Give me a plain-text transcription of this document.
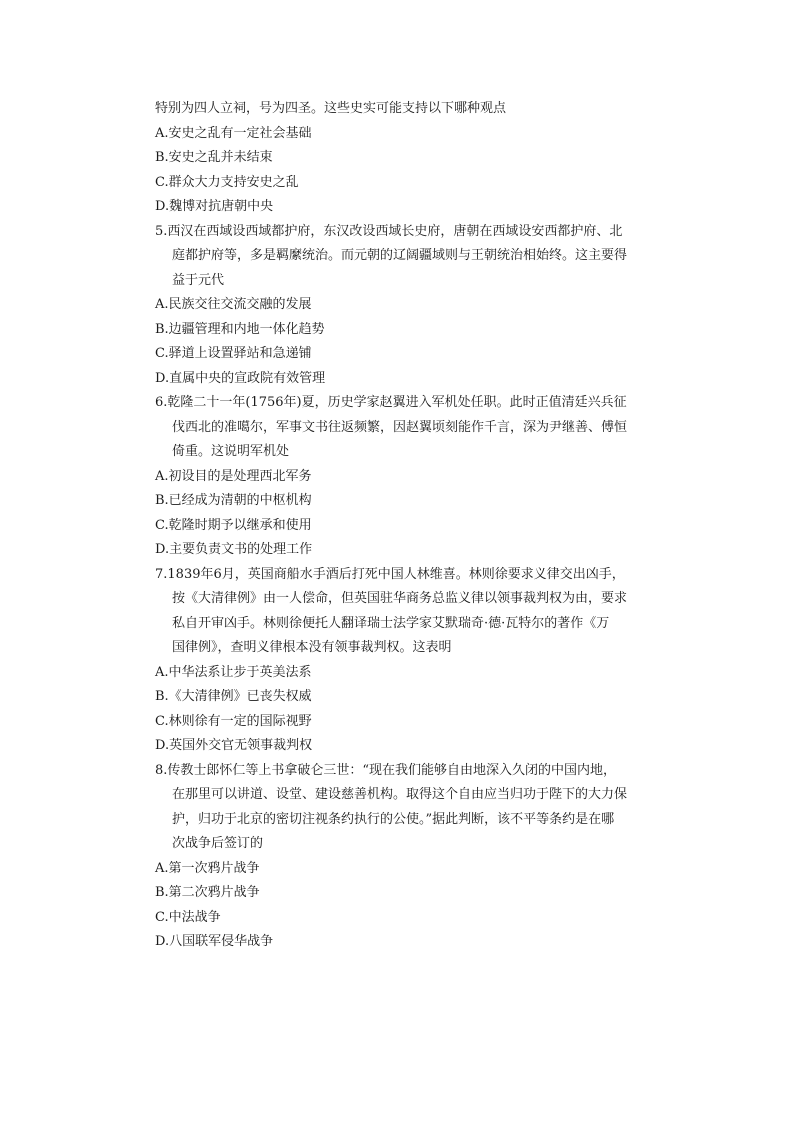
特别为四人立祠，号为四圣。这些史实可能支持以下哪种观点
A.安史之乱有一定社会基础
B.安史之乱并未结束
C.群众大力支持安史之乱
D.魏博对抗唐朝中央
5.西汉在西域设西域都护府，东汉改设西域长史府，唐朝在西域设安西都护府、北
庭都护府等，多是羁縻统治。而元朝的辽阔疆域则与王朝统治相始终。这主要得
益于元代
A.民族交往交流交融的发展
B.边疆管理和内地一体化趋势
C.驿道上设置驿站和急递铺
D.直属中央的宣政院有效管理
6.乾隆二十一年(1756年)夏，历史学家赵翼进入军机处任职。此时正值清廷兴兵征
伐西北的准噶尔，军事文书往返频繁，因赵翼顷刻能作千言，深为尹继善、傅恒
倚重。这说明军机处
A.初设目的是处理西北军务
B.已经成为清朝的中枢机构
C.乾隆时期予以继承和使用
D.主要负责文书的处理工作
7.1839年6月，英国商船水手酒后打死中国人林维喜。林则徐要求义律交出凶手，
按《大清律例》由一人偿命，但英国驻华商务总监义律以领事裁判权为由，要求
私自开审凶手。林则徐便托人翻译瑞士法学家艾默瑞奇·德·瓦特尔的著作《万
国律例》，查明义律根本没有领事裁判权。这表明
A.中华法系让步于英美法系
B.《大清律例》已丧失权威
C.林则徐有一定的国际视野
D.英国外交官无领事裁判权
8.传教士郎怀仁等上书拿破仑三世：“现在我们能够自由地深入久闭的中国内地，
在那里可以讲道、设堂、建设慈善机构。取得这个自由应当归功于陛下的大力保
护，归功于北京的密切注视条约执行的公使。”据此判断，该不平等条约是在哪
次战争后签订的
A.第一次鸦片战争
B.第二次鸦片战争
C.中法战争
D.八国联军侵华战争
